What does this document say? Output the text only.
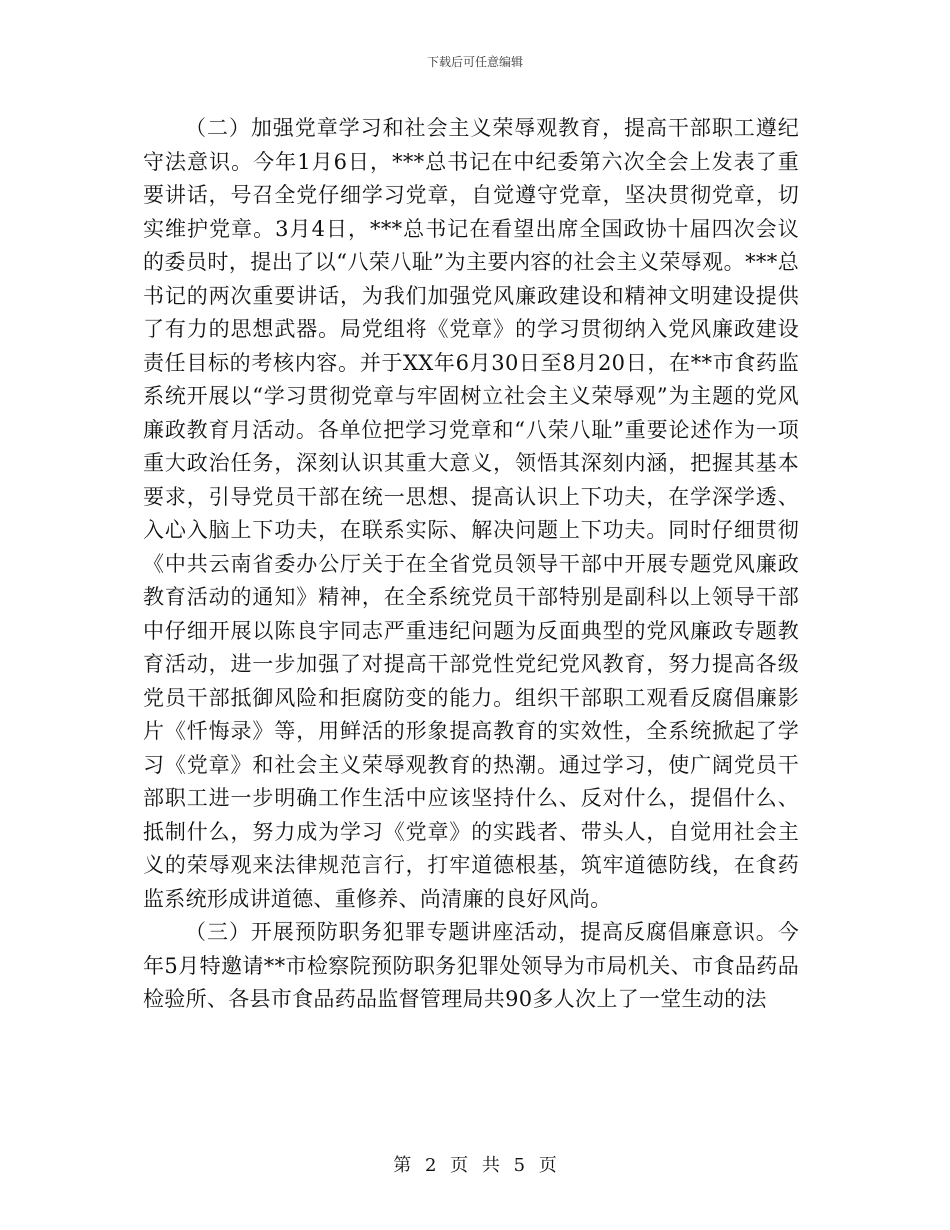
下载后可任意编辑

（二）加强党章学习和社会主义荣辱观教育，提高干部职工遵纪守法意识。今年1月6日，***总书记在中纪委第六次全会上发表了重要讲话，号召全党仔细学习党章，自觉遵守党章，坚决贯彻党章，切实维护党章。3月4日，***总书记在看望出席全国政协十届四次会议的委员时，提出了以“八荣八耻”为主要内容的社会主义荣辱观。***总书记的两次重要讲话，为我们加强党风廉政建设和精神文明建设提供了有力的思想武器。局党组将《党章》的学习贯彻纳入党风廉政建设责任目标的考核内容。并于XX年6月30日至8月20日，在**市食药监系统开展以“学习贯彻党章与牢固树立社会主义荣辱观”为主题的党风廉政教育月活动。各单位把学习党章和“八荣八耻”重要论述作为一项重大政治任务，深刻认识其重大意义，领悟其深刻内涵，把握其基本要求，引导党员干部在统一思想、提高认识上下功夫，在学深学透、入心入脑上下功夫，在联系实际、解决问题上下功夫。同时仔细贯彻《中共云南省委办公厅关于在全省党员领导干部中开展专题党风廉政教育活动的通知》精神，在全系统党员干部特别是副科以上领导干部中仔细开展以陈良宇同志严重违纪问题为反面典型的党风廉政专题教育活动，进一步加强了对提高干部党性党纪党风教育，努力提高各级党员干部抵御风险和拒腐防变的能力。组织干部职工观看反腐倡廉影片《忏悔录》等，用鲜活的形象提高教育的实效性，全系统掀起了学习《党章》和社会主义荣辱观教育的热潮。通过学习，使广阔党员干部职工进一步明确工作生活中应该坚持什么、反对什么，提倡什么、抵制什么，努力成为学习《党章》的实践者、带头人，自觉用社会主义的荣辱观来法律规范言行，打牢道德根基，筑牢道德防线，在食药监系统形成讲道德、重修养、尚清廉的良好风尚。

（三）开展预防职务犯罪专题讲座活动，提高反腐倡廉意识。今年5月特邀请**市检察院预防职务犯罪处领导为市局机关、市食品药品检验所、各县市食品药品监督管理局共90多人次上了一堂生动的法

第 2 页 共 5 页
